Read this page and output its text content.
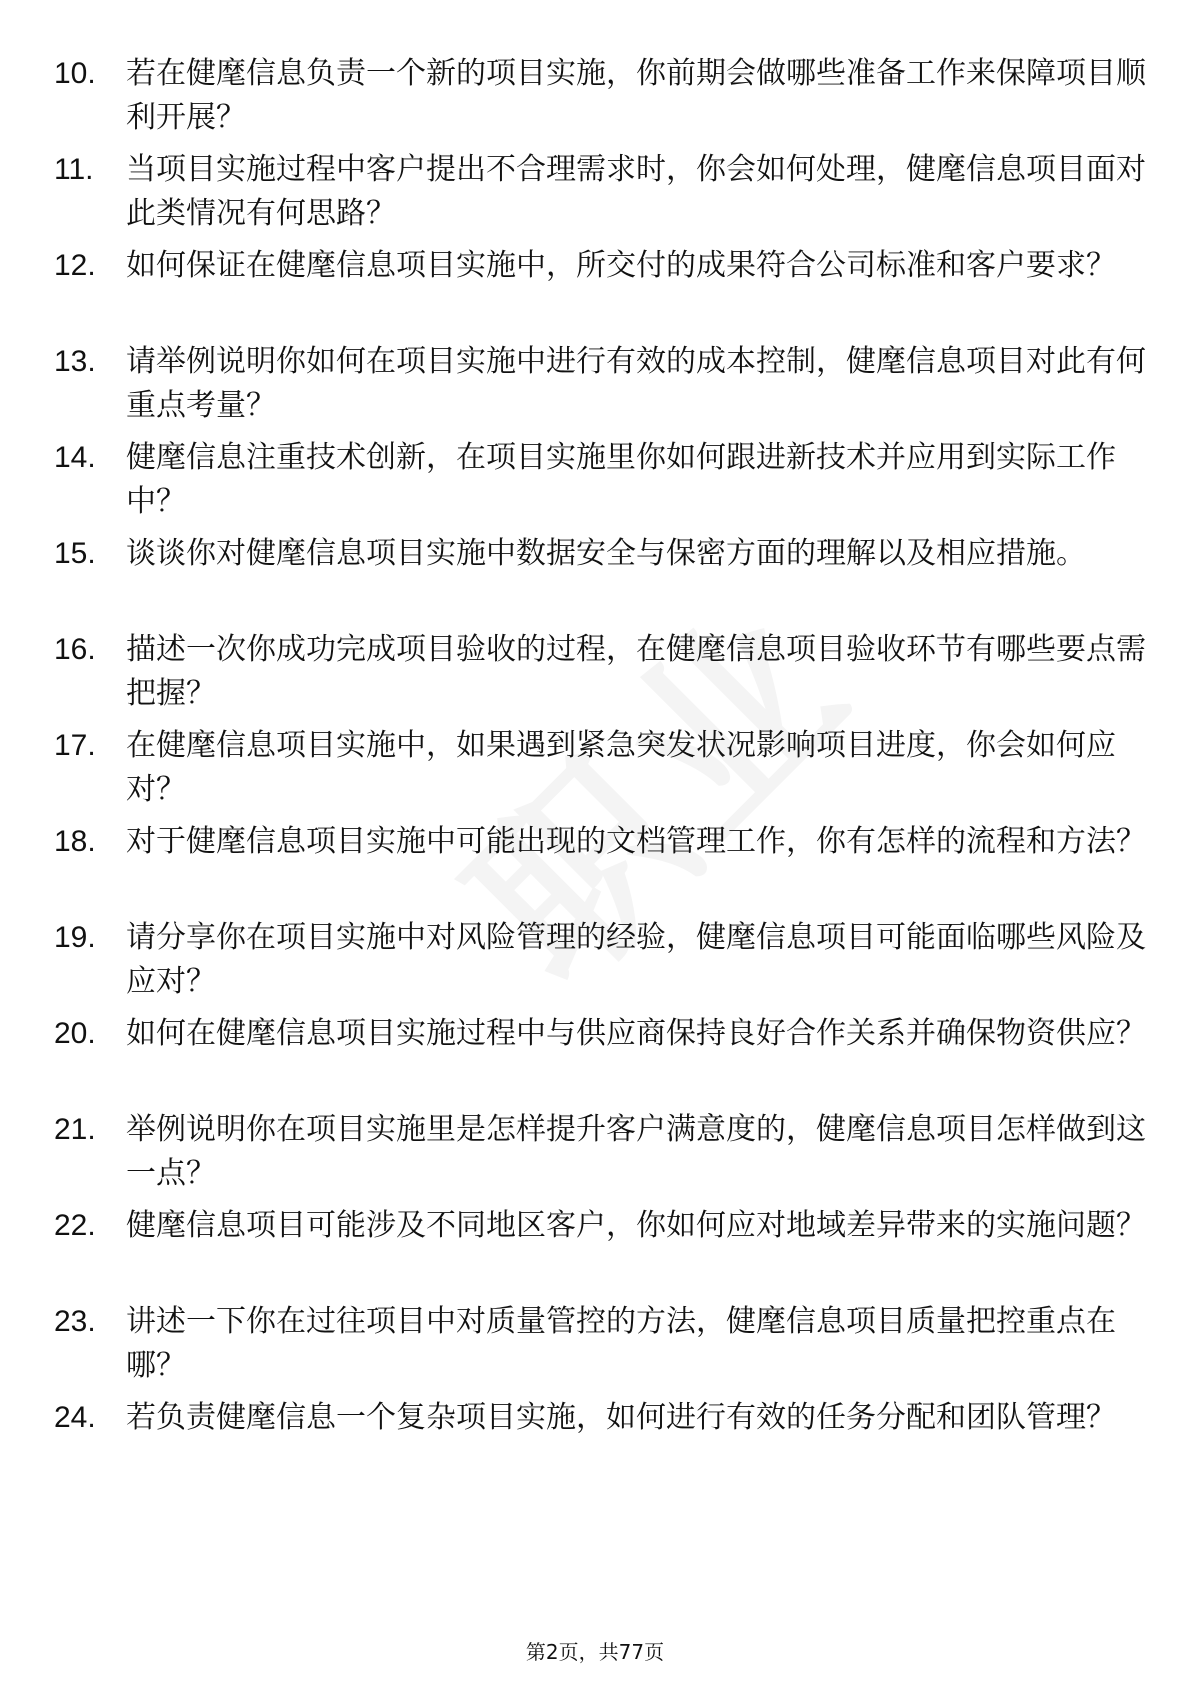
10.	若在健麾信息负责一个新的项目实施，你前期会做哪些准备工作来保障项目顺利开展？
11.	当项目实施过程中客户提出不合理需求时，你会如何处理，健麾信息项目面对此类情况有何思路？
12.	如何保证在健麾信息项目实施中，所交付的成果符合公司标准和客户要求？
13.	请举例说明你如何在项目实施中进行有效的成本控制，健麾信息项目对此有何重点考量？
14.	健麾信息注重技术创新，在项目实施里你如何跟进新技术并应用到实际工作中？
15.	谈谈你对健麾信息项目实施中数据安全与保密方面的理解以及相应措施。
16.	描述一次你成功完成项目验收的过程，在健麾信息项目验收环节有哪些要点需把握？
17.	在健麾信息项目实施中，如果遇到紧急突发状况影响项目进度，你会如何应对？
18.	对于健麾信息项目实施中可能出现的文档管理工作，你有怎样的流程和方法？
19.	请分享你在项目实施中对风险管理的经验，健麾信息项目可能面临哪些风险及应对？
20.	如何在健麾信息项目实施过程中与供应商保持良好合作关系并确保物资供应？
21.	举例说明你在项目实施里是怎样提升客户满意度的，健麾信息项目怎样做到这一点？
22.	健麾信息项目可能涉及不同地区客户，你如何应对地域差异带来的实施问题？
23.	讲述一下你在过往项目中对质量管控的方法，健麾信息项目质量把控重点在哪？
24.	若负责健麾信息一个复杂项目实施，如何进行有效的任务分配和团队管理？
第2页，共77页
